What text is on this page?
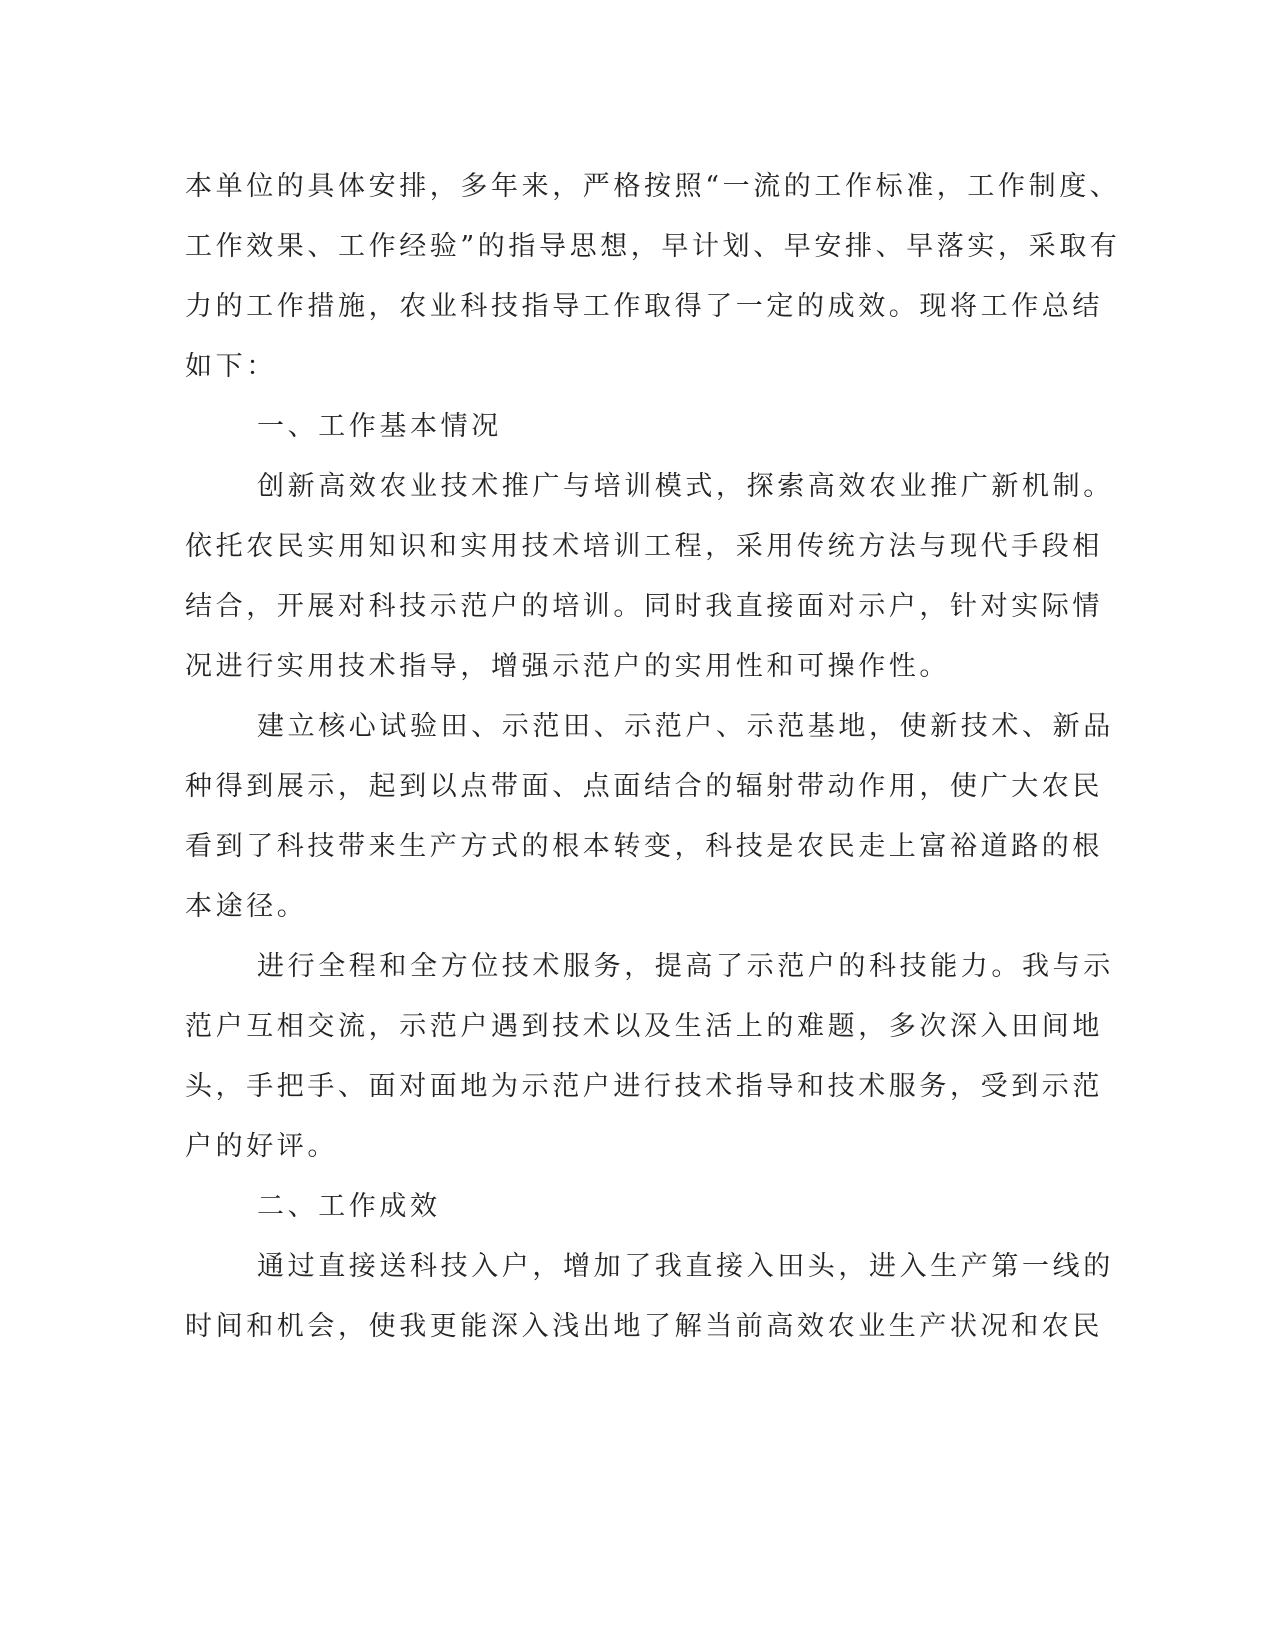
本单位的具体安排，多年来，严格按照“一流的工作标准，工作制度、
工作效果、工作经验”的指导思想，早计划、早安排、早落实，采取有
力的工作措施，农业科技指导工作取得了一定的成效。现将工作总结
如下：
一、工作基本情况
创新高效农业技术推广与培训模式，探索高效农业推广新机制。
依托农民实用知识和实用技术培训工程，采用传统方法与现代手段相
结合，开展对科技示范户的培训。同时我直接面对示户，针对实际情
况进行实用技术指导，增强示范户的实用性和可操作性。
建立核心试验田、示范田、示范户、示范基地，使新技术、新品
种得到展示，起到以点带面、点面结合的辐射带动作用，使广大农民
看到了科技带来生产方式的根本转变，科技是农民走上富裕道路的根
本途径。
进行全程和全方位技术服务，提高了示范户的科技能力。我与示
范户互相交流，示范户遇到技术以及生活上的难题，多次深入田间地
头，手把手、面对面地为示范户进行技术指导和技术服务，受到示范
户的好评。
二、工作成效
通过直接送科技入户，增加了我直接入田头，进入生产第一线的
时间和机会，使我更能深入浅出地了解当前高效农业生产状况和农民
